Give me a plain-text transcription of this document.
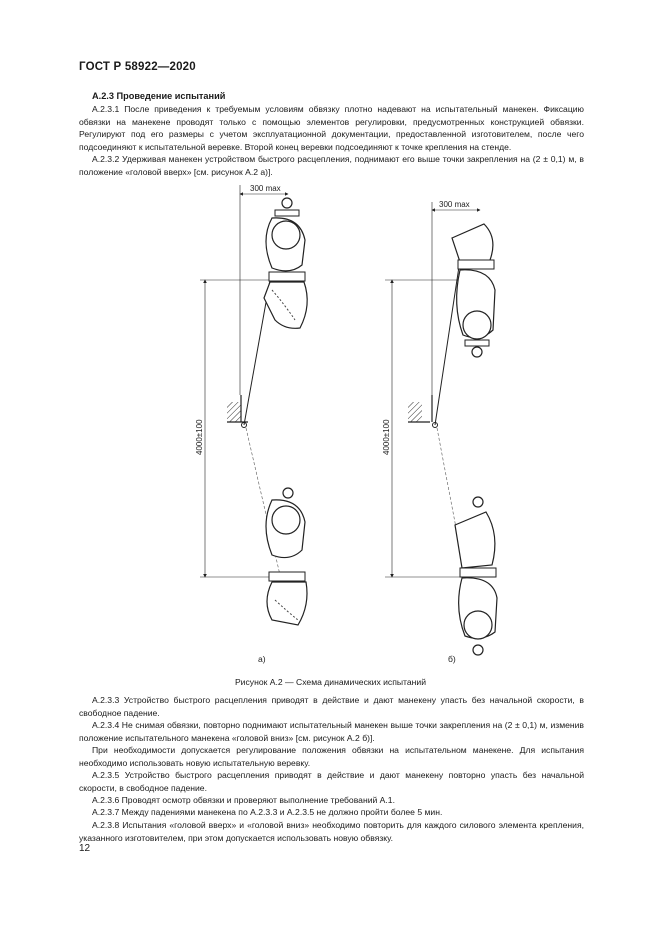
ГОСТ Р 58922—2020
А.2.3 Проведение испытаний

А.2.3.1 После приведения к требуемым условиям обвязку плотно надевают на испытательный манекен. Фиксацию обвязки на манекене проводят только с помощью элементов регулировки, предусмотренных конструкцией обвязки. Регулируют под его размеры с учетом эксплуатационной документации, предоставленной изготовителем, после чего подсоединяют к испытательной веревке. Второй конец веревки подсоединяют к точке крепления на стенде.

А.2.3.2 Удерживая манекен устройством быстрого расцепления, поднимают его выше точки закрепления на (2 ± 0,1) м, в положение «головой вверх» [см. рисунок А.2 а)].

300 max
4000±100
а)
300 max
4000±100
б)
Рисунок А.2 — Схема динамических испытаний

А.2.3.3 Устройство быстрого расцепления приводят в действие и дают манекену упасть без начальной скорости, в свободное падение.

А.2.3.4 Не снимая обвязки, повторно поднимают испытательный манекен выше точки закрепления на (2 ± 0,1) м, изменив положение испытательного манекена «головой вниз» [см. рисунок А.2 б)].

При необходимости допускается регулирование положения обвязки на испытательном манекене. Для испытания необходимо использовать новую испытательную веревку.

А.2.3.5 Устройство быстрого расцепления приводят в действие и дают манекену повторно упасть без начальной скорости, в свободное падение.

А.2.3.6 Проводят осмотр обвязки и проверяют выполнение требований А.1.

А.2.3.7 Между падениями манекена по А.2.3.3 и А.2.3.5 не должно пройти более 5 мин.

А.2.3.8 Испытания «головой вверх» и «головой вниз» необходимо повторить для каждого силового элемента крепления, указанного изготовителем, при этом допускается использовать новую обвязку.

12
